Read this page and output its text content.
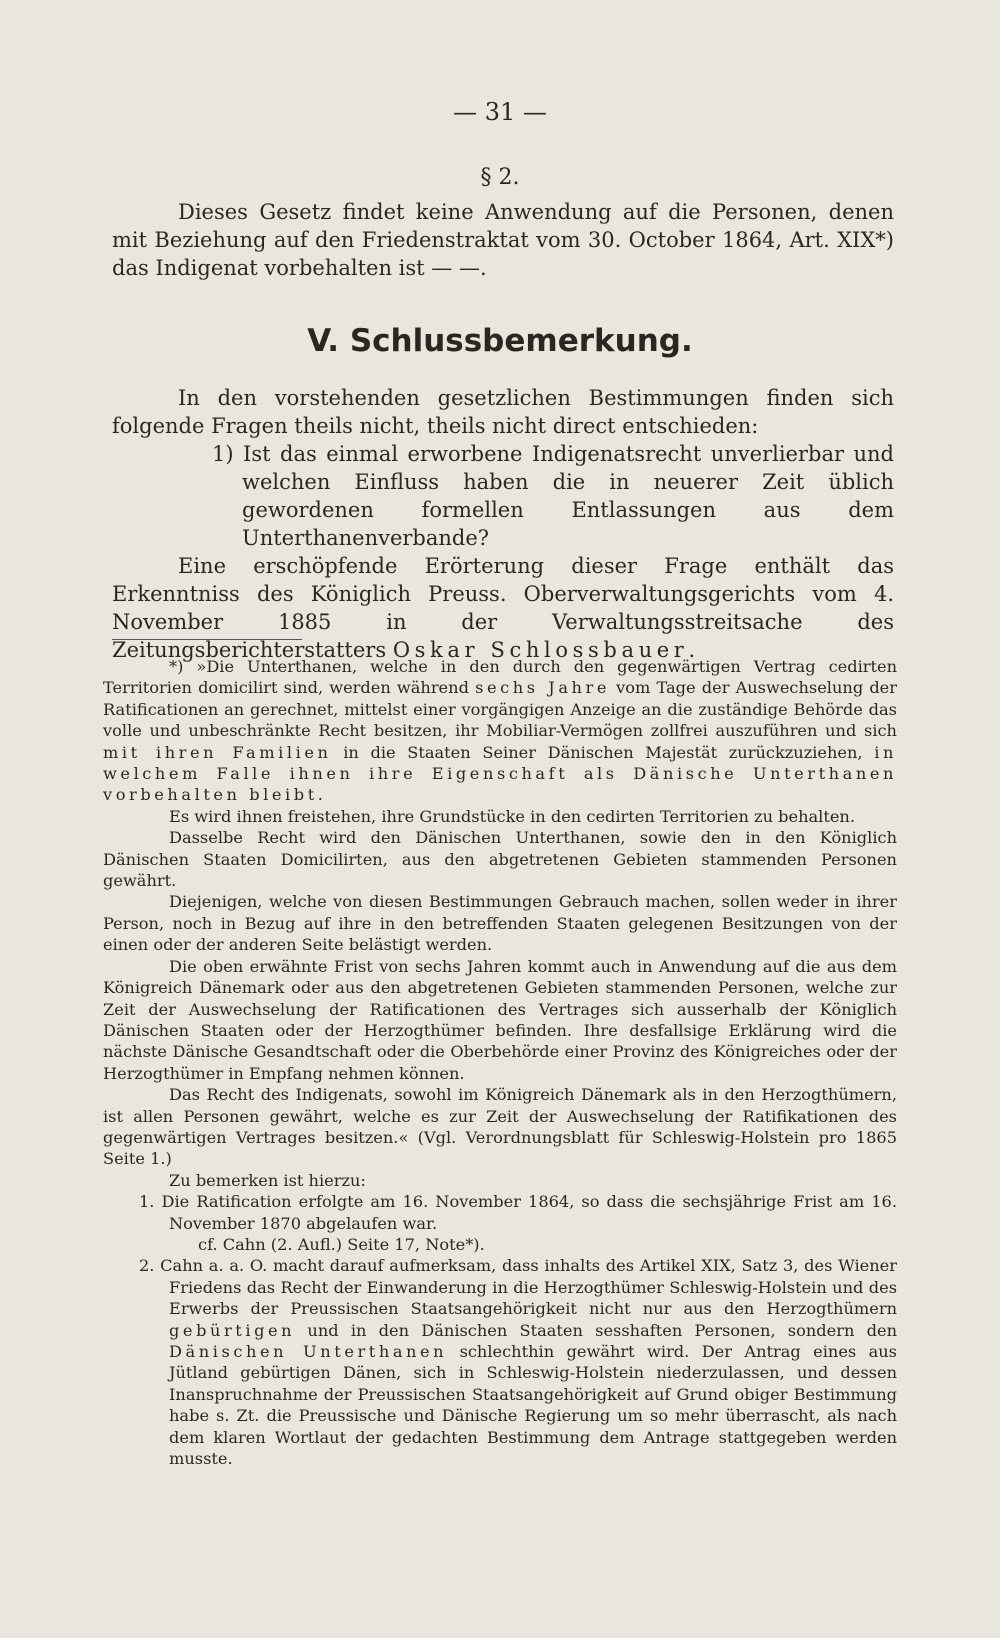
— 31 —
§ 2.

Dieses Gesetz findet keine Anwendung auf die Personen, denen mit Beziehung auf den Friedenstraktat vom 30. October 1864, Art. XIX*) das Indigenat vorbehalten ist — —.

V. Schlussbemerkung.

In den vorstehenden gesetzlichen Bestimmungen finden sich folgende Fragen theils nicht, theils nicht direct entschieden:

1) Ist das einmal erworbene Indigenatsrecht unverlierbar und welchen Einfluss haben die in neuerer Zeit üblich gewordenen formellen Entlassungen aus dem Unterthanenverbande?

Eine erschöpfende Erörterung dieser Frage enthält das Erkenntniss des Königlich Preuss. Oberverwaltungsgerichts vom 4. November 1885 in der Verwaltungsstreitsache des Zeitungsberichterstatters Oskar Schlossbauer.

*) »Die Unterthanen, welche in den durch den gegenwärtigen Vertrag cedirten Territorien domicilirt sind, werden während sechs Jahre vom Tage der Auswechselung der Ratificationen an gerechnet, mittelst einer vorgängigen Anzeige an die zuständige Behörde das volle und unbeschränkte Recht besitzen, ihr Mobiliar-Vermögen zollfrei auszuführen und sich mit ihren Familien in die Staaten Seiner Dänischen Majestät zurückzuziehen, in welchem Falle ihnen ihre Eigenschaft als Dänische Unterthanen vorbehalten bleibt.

Es wird ihnen freistehen, ihre Grundstücke in den cedirten Territorien zu behalten.

Dasselbe Recht wird den Dänischen Unterthanen, sowie den in den Königlich Dänischen Staaten Domicilirten, aus den abgetretenen Gebieten stammenden Personen gewährt.

Diejenigen, welche von diesen Bestimmungen Gebrauch machen, sollen weder in ihrer Person, noch in Bezug auf ihre in den betreffenden Staaten gelegenen Besitzungen von der einen oder der anderen Seite belästigt werden.

Die oben erwähnte Frist von sechs Jahren kommt auch in Anwendung auf die aus dem Königreich Dänemark oder aus den abgetretenen Gebieten stammenden Personen, welche zur Zeit der Auswechselung der Ratificationen des Vertrages sich ausserhalb der Königlich Dänischen Staaten oder der Herzogthümer befinden. Ihre desfallsige Erklärung wird die nächste Dänische Gesandtschaft oder die Oberbehörde einer Provinz des Königreiches oder der Herzogthümer in Empfang nehmen können.

Das Recht des Indigenats, sowohl im Königreich Dänemark als in den Herzogthümern, ist allen Personen gewährt, welche es zur Zeit der Auswechselung der Ratifikationen des gegenwärtigen Vertrages besitzen.« (Vgl. Verordnungsblatt für Schleswig-Holstein pro 1865 Seite 1.)

Zu bemerken ist hierzu:

1. Die Ratification erfolgte am 16. November 1864, so dass die sechsjährige Frist am 16. November 1870 abgelaufen war.

cf. Cahn (2. Aufl.) Seite 17, Note*).

2. Cahn a. a. O. macht darauf aufmerksam, dass inhalts des Artikel XIX, Satz 3, des Wiener Friedens das Recht der Einwanderung in die Herzogthümer Schleswig-Holstein und des Erwerbs der Preussischen Staatsangehörigkeit nicht nur aus den Herzogthümern gebürtigen und in den Dänischen Staaten sesshaften Personen, sondern den Dänischen Unterthanen schlechthin gewährt wird. Der Antrag eines aus Jütland gebürtigen Dänen, sich in Schleswig-Holstein niederzulassen, und dessen Inanspruchnahme der Preussischen Staatsangehörigkeit auf Grund obiger Bestimmung habe s. Zt. die Preussische und Dänische Regierung um so mehr überrascht, als nach dem klaren Wortlaut der gedachten Bestimmung dem Antrage stattgegeben werden musste.
